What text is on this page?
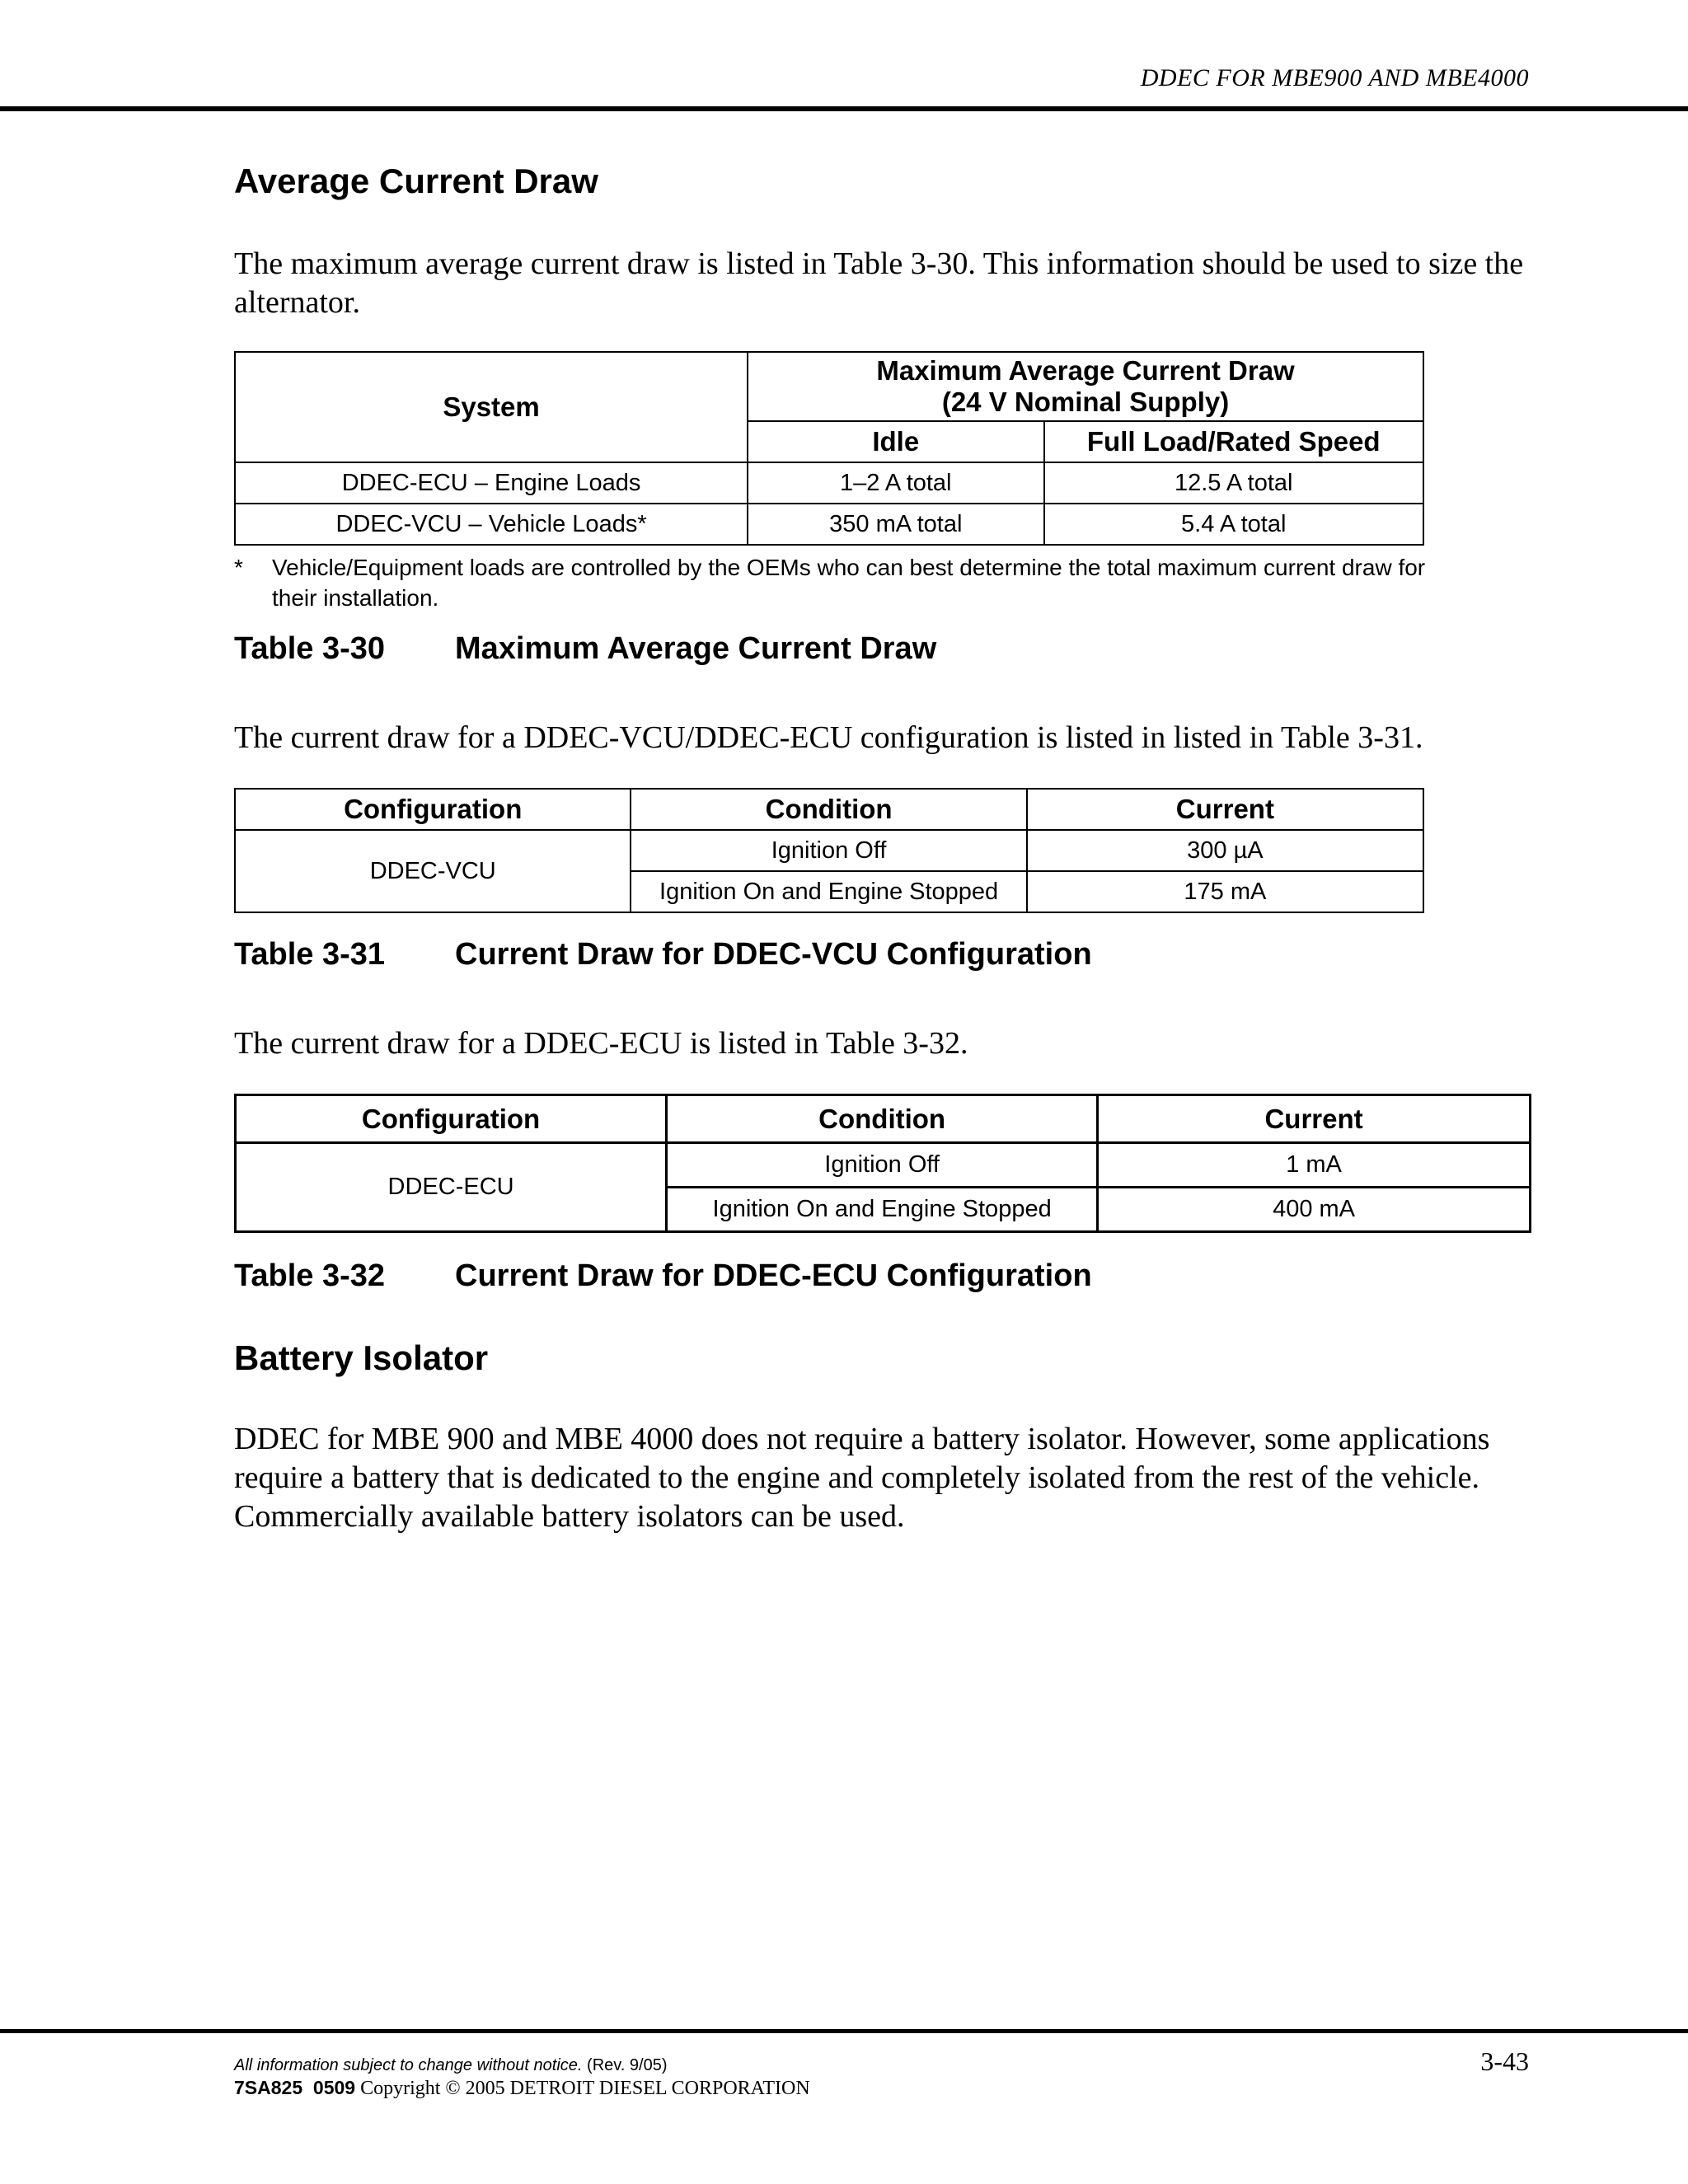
DDEC FOR MBE900 AND MBE4000
Average Current Draw

The maximum average current draw is listed in Table 3-30. This information should be used to size the alternator.

System	Maximum Average Current Draw
(24 V Nominal Supply)	

	Idle	Full Load/Rated Speed
DDEC-ECU – Engine Loads	1–2 A total	12.5 A total
DDEC-VCU – Vehicle Loads*	350 mA total	5.4 A total
*	Vehicle/Equipment loads are controlled by the OEMs who can best determine the total maximum current draw for their installation.
Table 3-30 Maximum Average Current Draw

The current draw for a DDEC-VCU/DDEC-ECU configuration is listed in listed in Table 3-31.

Configuration	Condition	Current
DDEC-VCU	Ignition Off	300 µA
	Ignition On and Engine Stopped	175 mA
Table 3-31 Current Draw for DDEC-VCU Configuration

The current draw for a DDEC-ECU is listed in Table 3-32.

Configuration	Condition	Current
DDEC-ECU	Ignition Off	1 mA
	Ignition On and Engine Stopped	400 mA
Table 3-32 Current Draw for DDEC-ECU Configuration
Battery Isolator

DDEC for MBE 900 and MBE 4000 does not require a battery isolator. However, some applications require a battery that is dedicated to the engine and completely isolated from the rest of the vehicle. Commercially available battery isolators can be used.

All information subject to change without notice. (Rev. 9/05)
7SA825  0509 Copyright © 2005 DETROIT DIESEL CORPORATION
3-43
